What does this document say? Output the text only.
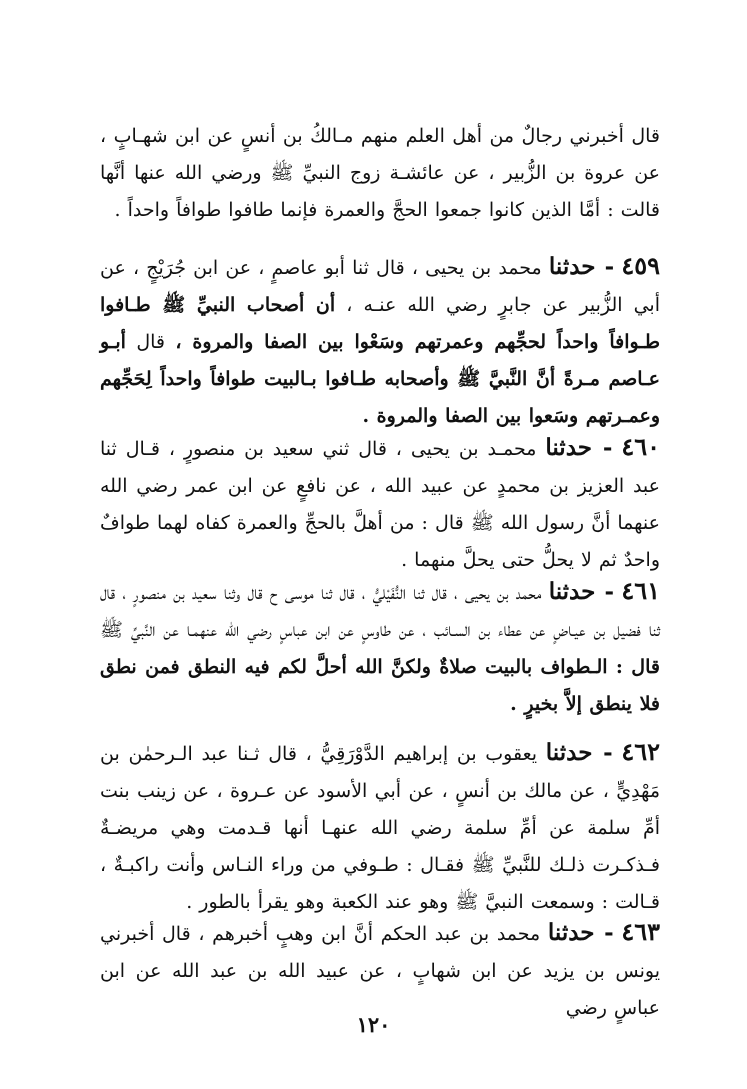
قال أخبرني رجالٌ من أهل العلم منهم مـالكُ بن أنسٍ عن ابن شهـابٍ ، عن عروة بن الزُّبير ، عن عائشـة زوج النبيِّ ﷺ ورضي الله عنها أنَّها قالت : أمَّا الذين كانوا جمعوا الحجَّ والعمرة فإنما طافوا طوافاً واحداً .

٤٥٩ - حدثنا محمد بن يحيى ، قال ثنا أبو عاصمٍ ، عن ابن جُرَيْجٍ ، عن أبي الزُّبير عن جابرٍ رضي الله عنـه ، أن أصحاب النبيِّ ﷺ طـافوا طـوافاً واحداً لحجِّهم وعمرتهم وسَعْوا بين الصفا والمروة ، قال أبـو عـاصم مـرةً أنَّ النَّبيَّ ﷺ وأصحابه طـافوا بـالبيت طوافاً واحداً لِحَجِّهم وعمـرتهم وسَعوا بين الصفا والمروة .

٤٦٠ - حدثنا محمـد بن يحيى ، قال ثني سعيد بن منصورٍ ، قـال ثنا عبد العزيز بن محمدٍ عن عبيد الله ، عن نافعٍ عن ابن عمر رضي الله عنهما أنَّ رسول الله ﷺ قال : من أهلَّ بالحجِّ والعمرة كفاه لهما طوافٌ واحدٌ ثم لا يحلُّ حتى يحلَّ منهما .

٤٦١ - حدثنا محمد بن يحيى ، قال ثنا النُّفَيْليُّ ، قال ثنا موسى ح قال وثنا سعيد بن منصورٍ ، قال ثنا فضيل بن عيـاضٍ عن عطاء بن السـائب ، عن طاوسٍ عن ابن عباسٍ رضي الله عنهمـا عن النَّبيِّ ﷺ قال : الـطواف بالبيت صلاةٌ ولكنَّ الله أحلَّ لكم فيه النطق فمن نطق فلا ينطق إلاَّ بخيرٍ .

٤٦٢ - حدثنا يعقوب بن إبراهيم الدَّوْرَقِيُّ ، قال ثـنا عبد الـرحمٰن بن مَهْدِيٍّ ، عن مالك بن أنسٍ ، عن أبي الأسود عن عـروة ، عن زينب بنت أمِّ سلمة عن أمِّ سلمة رضي الله عنهـا أنها قـدمت وهي مريضـةٌ فـذكـرت ذلـك للنَّبيِّ ﷺ فقـال : طـوفي من وراء النـاس وأنت راكبـةٌ ، قـالت : وسمعت النبيَّ ﷺ وهو عند الكعبة وهو يقرأ بالطور .

٤٦٣ - حدثنا محمد بن عبد الحكم أنَّ ابن وهبٍ أخبرهم ، قال أخبرني يونس بن يزيد عن ابن شهابٍ ، عن عبيد الله بن عبد الله عن ابن عباسٍ رضي

١٢٠
